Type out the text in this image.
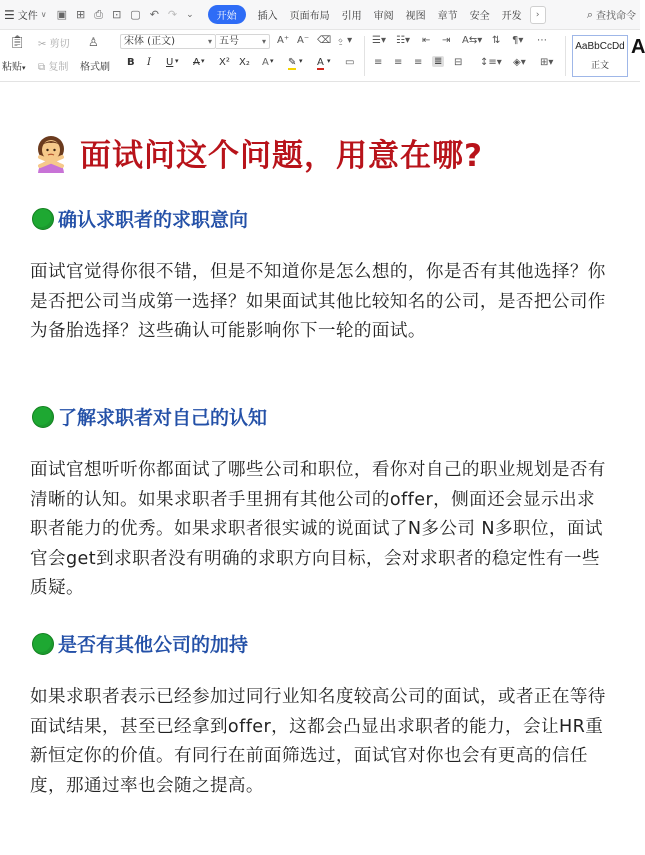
☰ 文件 ∨ ▣ ⊞ ⎙ ⊡ ▢ ↶ ↷ ⌄	开始	插入 页面布局 引用 审阅 视图 章节 安全 开发	›	⌕ 查找命令
📋︎
粘贴▾
✂ 剪切
⧉ 复制
♙
格式刷
宋体 (正文)	▾ 五号	▾ A⁺ A⁻ ⌫ ⍚ ▾
B I U ▾ A ▾ X² X₂ A ▾ ✎ ▾ A ▾ ▭
☰▾ ☷▾ ⇤ ⇥ A⇆▾ ⇅ ¶▾ ⋯
≡ ≡ ≡ ≣ ⊟ ↕≡▾ ◈▾ ⊞▾
AaBbCcDd
正文
A
面试问这个问题，用意在哪?
确认求职者的求职意向
面试官觉得你很不错，但是不知道你是怎么想的，你是否有其他选择？你是否把公司当成第一选择？如果面试其他比较知名的公司，是否把公司作为备胎选择？这些确认可能影响你下一轮的面试。
了解求职者对自己的认知
面试官想听听你都面试了哪些公司和职位，看你对自己的职业规划是否有清晰的认知。如果求职者手里拥有其他公司的offer，侧面还会显示出求职者能力的优秀。如果求职者很实诚的说面试了N多公司 N多职位，面试官会get到求职者没有明确的求职方向目标，会对求职者的稳定性有一些质疑。
是否有其他公司的加持
如果求职者表示已经参加过同行业知名度较高公司的面试，或者正在等待面试结果，甚至已经拿到offer，这都会凸显出求职者的能力，会让HR重新恒定你的价值。有同行在前面筛选过，面试官对你也会有更高的信任度，那通过率也会随之提高。
